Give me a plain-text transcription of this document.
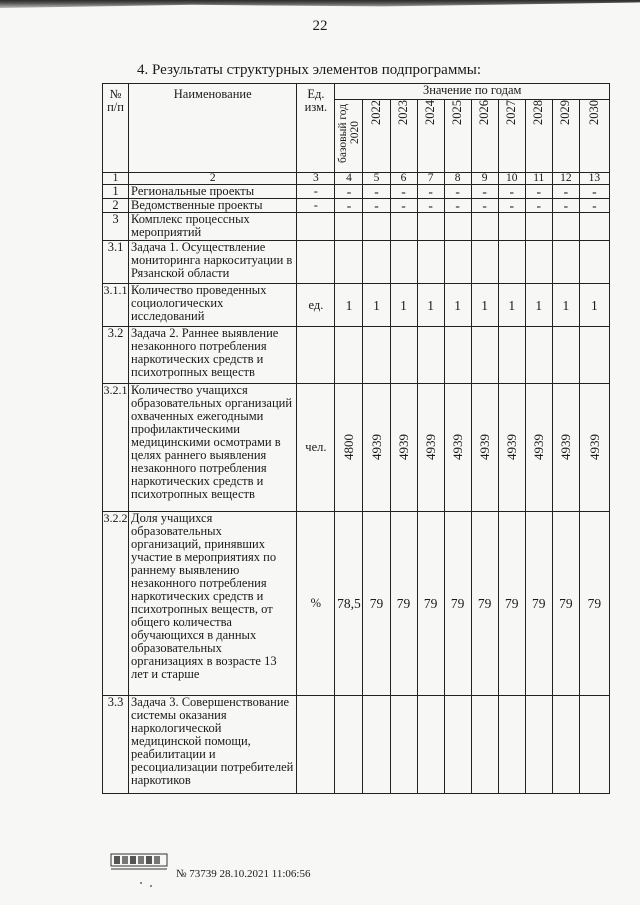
22
4. Результаты структурных элементов подпрограммы:
№
п/п	Наименование	Ед.
изм.	Значение по годам									
			базовый год 2020	2022	2023	2024	2025	2026	2027	2028	2029	2030
1	2	3	4	5	6	7	8	9	10	11	12	13
1	Региональные проекты	-	-	-	-	-	-	-	-	-	-	-
2	Ведомственные проекты	-	-	-	-	-	-	-	-	-	-	-
3	Комплекс процессных мероприятий											
3.1	Задача 1. Осуществление мониторинга наркоситуации в Рязанской области											
3.1.1	Количество проведенных социологических исследований	ед.	1	1	1	1	1	1	1	1	1	1
3.2	Задача 2. Раннее выявление незаконного потребления наркотических средств и психотропных веществ											
3.2.1	Количество учащихся образовательных организаций охваченных ежегодными профилактическими медицинскими осмотрами в целях раннего выявления незаконного потребления наркотических средств и психотропных веществ	чел.	4800	4939	4939	4939	4939	4939	4939	4939	4939	4939
3.2.2	Доля учащихся образовательных организаций, принявших участие в мероприятиях по раннему выявлению незаконного потребления наркотических средств и психотропных веществ, от общего количества обучающихся в данных образовательных организациях в возрасте 13 лет и старше	%	78,5	79	79	79	79	79	79	79	79	79
3.3	Задача 3. Совершенствование системы оказания наркологической медицинской помощи, реабилитации и ресоциализации потребителей наркотиков											
№ 73739 28.10.2021 11:06:56
